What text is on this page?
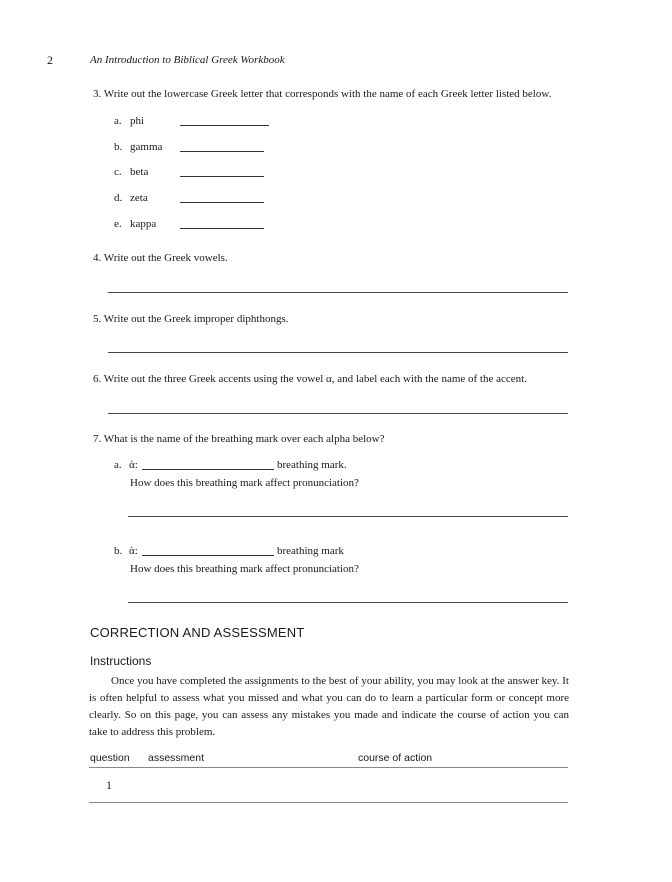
2	An Introduction to Biblical Greek Workbook
3. Write out the lowercase Greek letter that corresponds with the name of each Greek letter listed below.
a. phi
b. gamma
c. beta
d. zeta
e. kappa
4. Write out the Greek vowels.
5. Write out the Greek improper diphthongs.
6. Write out the three Greek accents using the vowel α, and label each with the name of the accent.
7. What is the name of the breathing mark over each alpha below?
a. ἀ:	breathing mark.
How does this breathing mark affect pronunciation?
b. ἁ:	breathing mark
How does this breathing mark affect pronunciation?
CORRECTION AND ASSESSMENT
Instructions

Once you have completed the assignments to the best of your ability, you may look at the answer key. It is often helpful to assess what you missed and what you can do to learn a particular form or concept more clearly. So on this page, you can assess any mistakes you made and indicate the course of action you can take to address this problem.

question assessment	course of action
1
